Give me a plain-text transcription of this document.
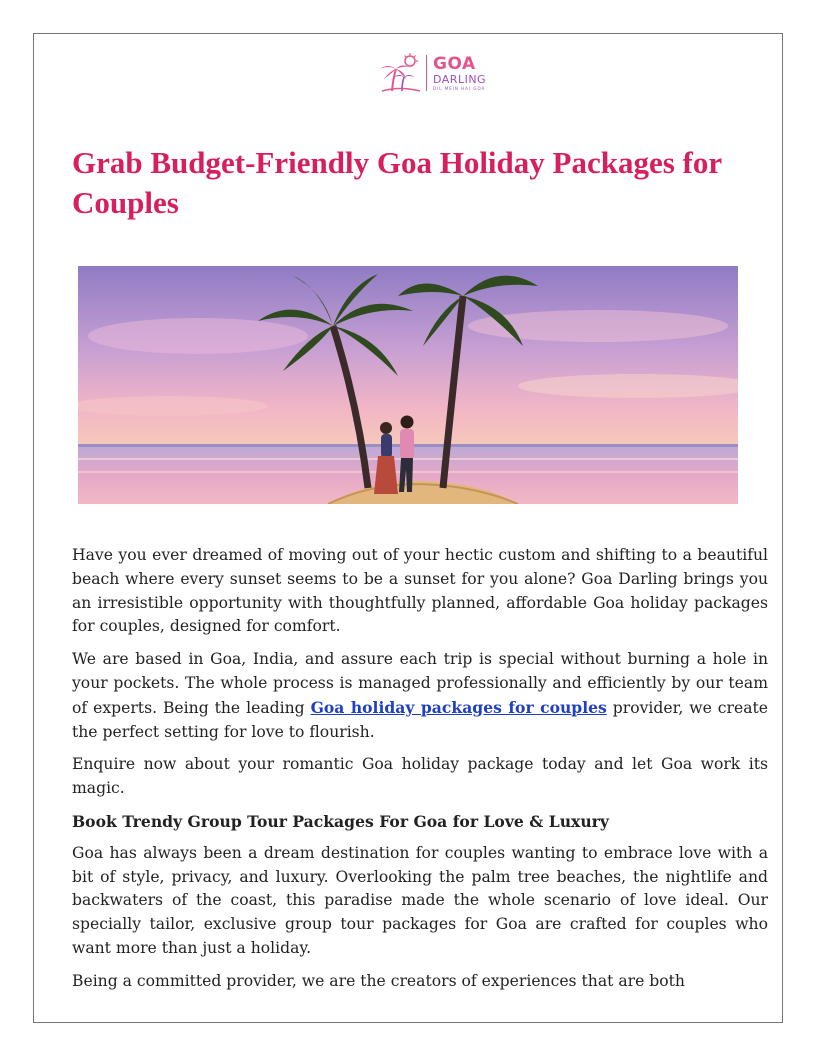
GOA
DARLING
DIL MEIN HAI GOA
Grab Budget-Friendly Goa Holiday Packages for Couples

Have you ever dreamed of moving out of your hectic custom and shifting to a beautiful beach where every sunset seems to be a sunset for you alone? Goa Darling brings you an irresistible opportunity with thoughtfully planned, affordable Goa holiday packages for couples, designed for comfort.

We are based in Goa, India, and assure each trip is special without burning a hole in your pockets. The whole process is managed professionally and efficiently by our team of experts. Being the leading Goa holiday packages for couples provider, we create the perfect setting for love to flourish.

Enquire now about your romantic Goa holiday package today and let Goa work its magic.

Book Trendy Group Tour Packages For Goa for Love & Luxury

Goa has always been a dream destination for couples wanting to embrace love with a bit of style, privacy, and luxury. Overlooking the palm tree beaches, the nightlife and backwaters of the coast, this paradise made the whole scenario of love ideal. Our specially tailor, exclusive group tour packages for Goa are crafted for couples who want more than just a holiday.

Being a committed provider, we are the creators of experiences that are both
